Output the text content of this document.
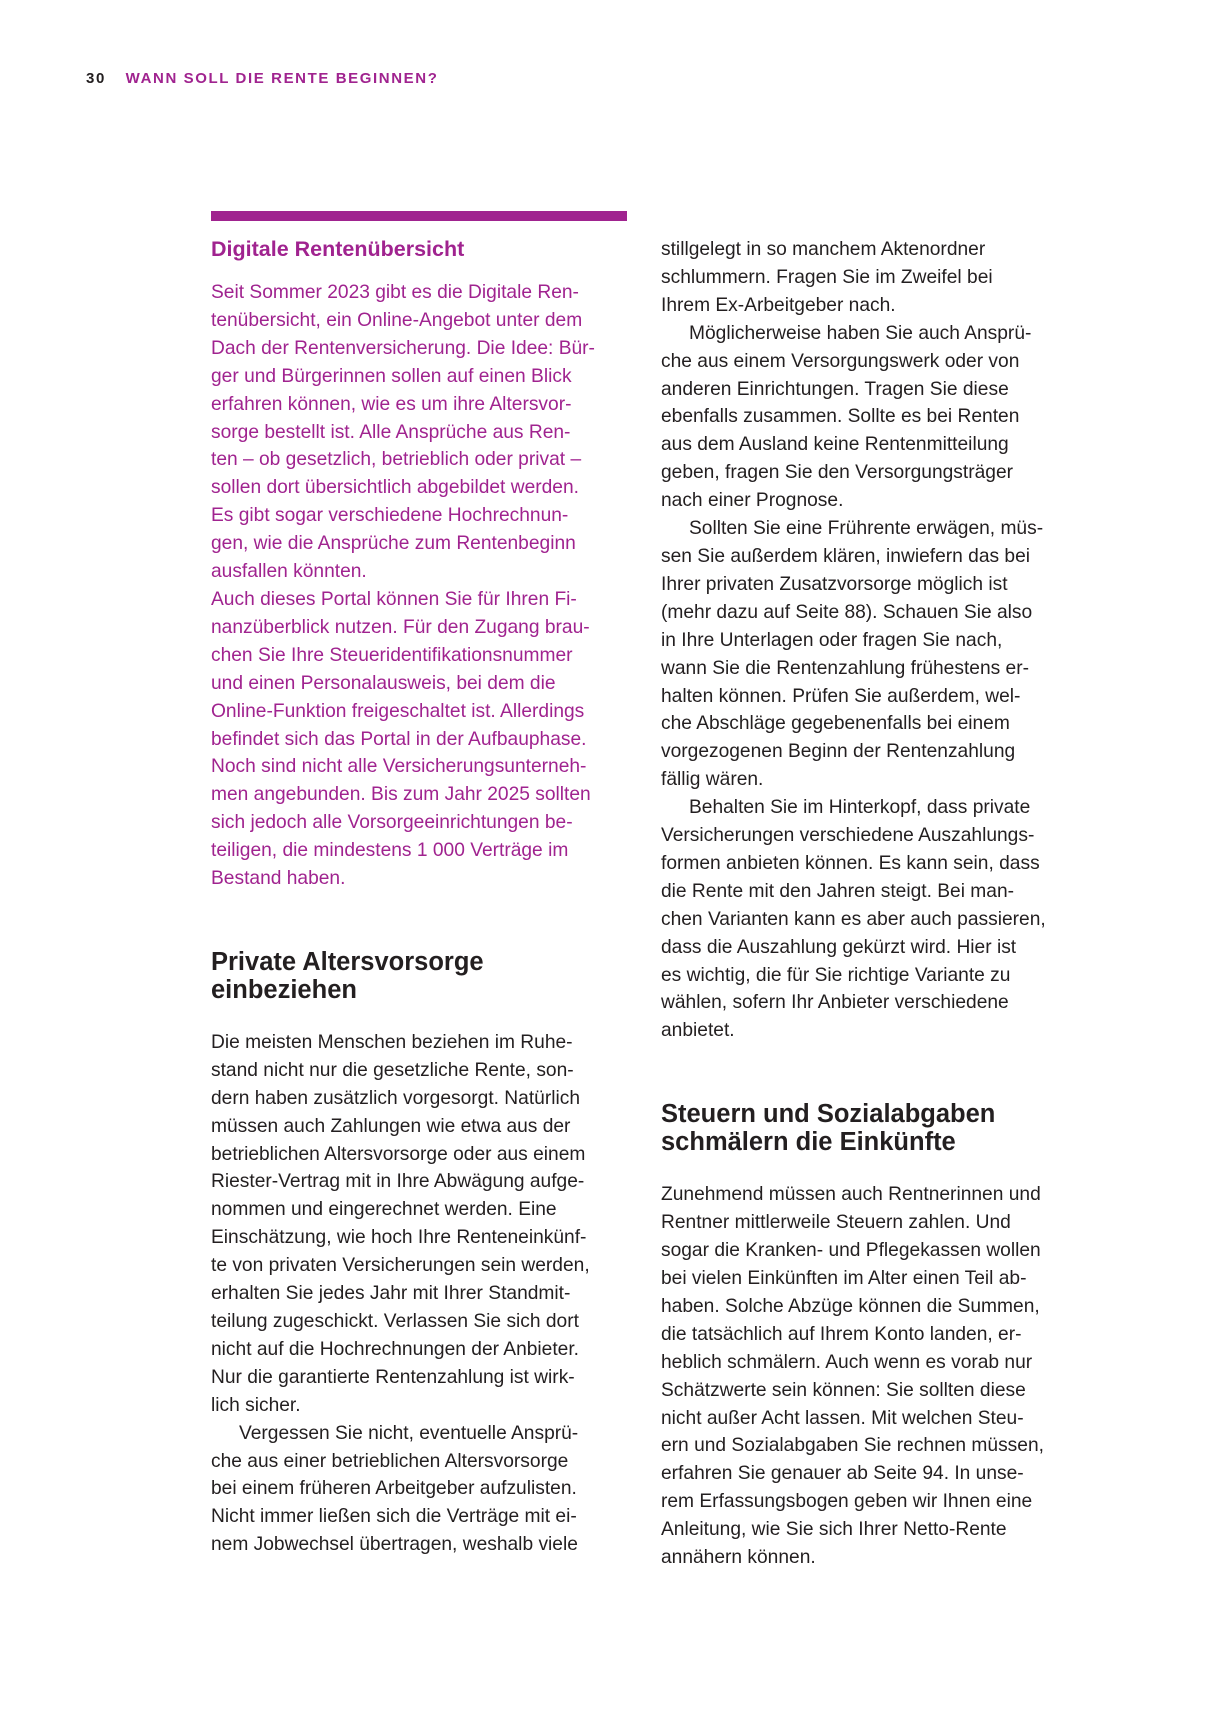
30 WANN SOLL DIE RENTE BEGINNEN?
Digitale Rentenübersicht

Seit Sommer 2023 gibt es die Digitale Ren-
tenübersicht, ein Online-Angebot unter dem
Dach der Rentenversicherung. Die Idee: Bür-
ger und Bürgerinnen sollen auf einen Blick
erfahren können, wie es um ihre Altersvor-
sorge bestellt ist. Alle Ansprüche aus Ren-
ten – ob gesetzlich, betrieblich oder privat –
sollen dort übersichtlich abgebildet werden.
Es gibt sogar verschiedene Hochrechnun-
gen, wie die Ansprüche zum Rentenbeginn
ausfallen könnten.

Auch dieses Portal können Sie für Ihren Fi-
nanzüberblick nutzen. Für den Zugang brau-
chen Sie Ihre Steueridentifikationsnummer
und einen Personalausweis, bei dem die
Online-Funktion freigeschaltet ist. Allerdings
befindet sich das Portal in der Aufbauphase.
Noch sind nicht alle Versicherungsunterneh-
men angebunden. Bis zum Jahr 2025 sollten
sich jedoch alle Vorsorgeeinrichtungen be-
teiligen, die mindestens 1 000 Verträge im
Bestand haben.

Private Altersvorsorge
einbeziehen

Die meisten Menschen beziehen im Ruhe-
stand nicht nur die gesetzliche Rente, son-
dern haben zusätzlich vorgesorgt. Natürlich
müssen auch Zahlungen wie etwa aus der
betrieblichen Altersvorsorge oder aus einem
Riester-Vertrag mit in Ihre Abwägung aufge-
nommen und eingerechnet werden. Eine
Einschätzung, wie hoch Ihre Renteneinkünf-
te von privaten Versicherungen sein werden,
erhalten Sie jedes Jahr mit Ihrer Standmit-
teilung zugeschickt. Verlassen Sie sich dort
nicht auf die Hochrechnungen der Anbieter.
Nur die garantierte Rentenzahlung ist wirk-
lich sicher.

Vergessen Sie nicht, eventuelle Ansprü-
che aus einer betrieblichen Altersvorsorge
bei einem früheren Arbeitgeber aufzulisten.
Nicht immer ließen sich die Verträge mit ei-
nem Jobwechsel übertragen, weshalb viele

stillgelegt in so manchem Aktenordner
schlummern. Fragen Sie im Zweifel bei
Ihrem Ex-Arbeitgeber nach.

Möglicherweise haben Sie auch Ansprü-
che aus einem Versorgungswerk oder von
anderen Einrichtungen. Tragen Sie diese
ebenfalls zusammen. Sollte es bei Renten
aus dem Ausland keine Rentenmitteilung
geben, fragen Sie den Versorgungsträger
nach einer Prognose.

Sollten Sie eine Frührente erwägen, müs-
sen Sie außerdem klären, inwiefern das bei
Ihrer privaten Zusatzvorsorge möglich ist
(mehr dazu auf Seite 88). Schauen Sie also
in Ihre Unterlagen oder fragen Sie nach,
wann Sie die Rentenzahlung frühestens er-
halten können. Prüfen Sie außerdem, wel-
che Abschläge gegebenenfalls bei einem
vorgezogenen Beginn der Rentenzahlung
fällig wären.

Behalten Sie im Hinterkopf, dass private
Versicherungen verschiedene Auszahlungs-
formen anbieten können. Es kann sein, dass
die Rente mit den Jahren steigt. Bei man-
chen Varianten kann es aber auch passieren,
dass die Auszahlung gekürzt wird. Hier ist
es wichtig, die für Sie richtige Variante zu
wählen, sofern Ihr Anbieter verschiedene
anbietet.

Steuern und Sozialabgaben
schmälern die Einkünfte

Zunehmend müssen auch Rentnerinnen und
Rentner mittlerweile Steuern zahlen. Und
sogar die Kranken- und Pflegekassen wollen
bei vielen Einkünften im Alter einen Teil ab-
haben. Solche Abzüge können die Summen,
die tatsächlich auf Ihrem Konto landen, er-
heblich schmälern. Auch wenn es vorab nur
Schätzwerte sein können: Sie sollten diese
nicht außer Acht lassen. Mit welchen Steu-
ern und Sozialabgaben Sie rechnen müssen,
erfahren Sie genauer ab Seite 94. In unse-
rem Erfassungsbogen geben wir Ihnen eine
Anleitung, wie Sie sich Ihrer Netto-Rente
annähern können.
